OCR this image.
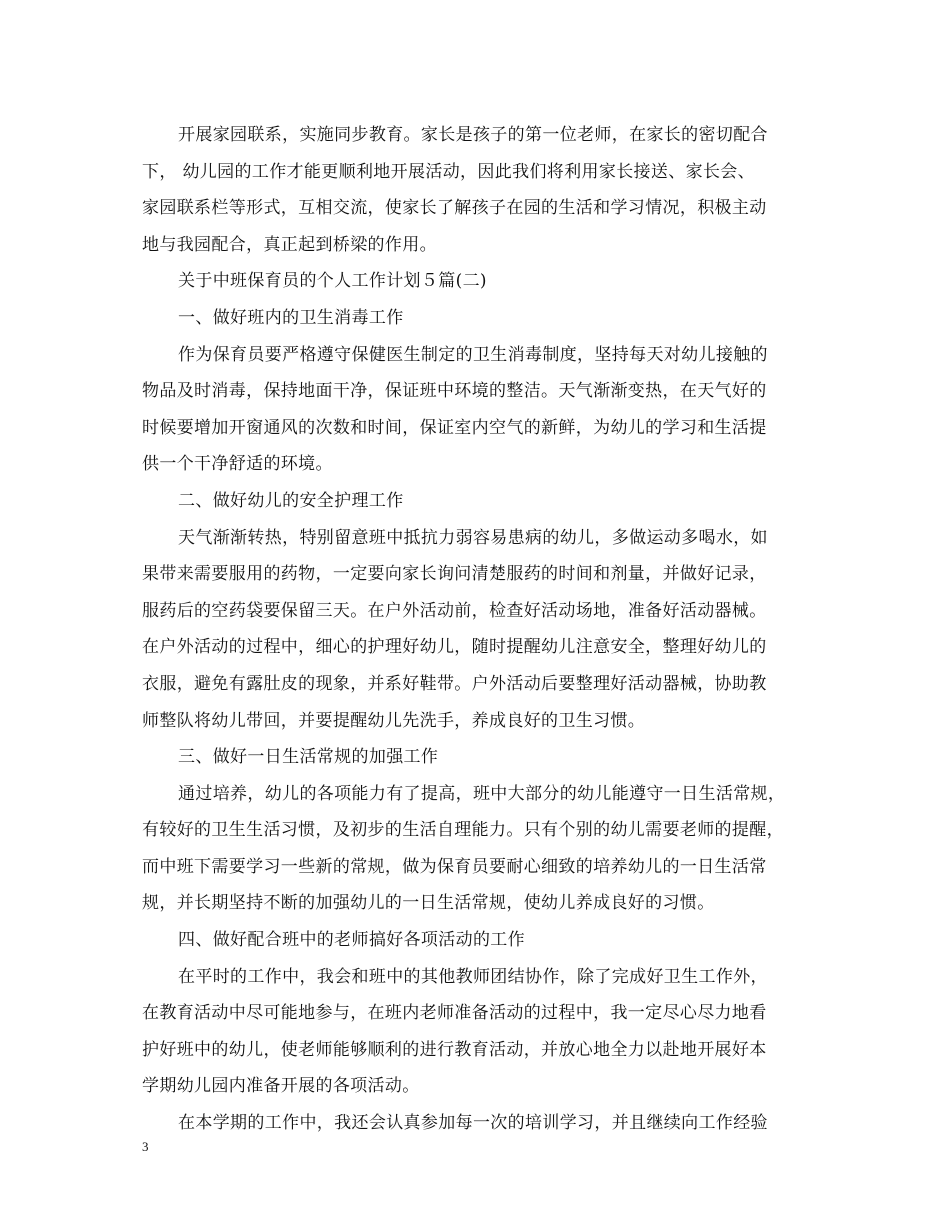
开展家园联系，实施同步教育。家长是孩子的第一位老师，在家长的密切配合
下， 幼儿园的工作才能更顺利地开展活动，因此我们将利用家长接送、家长会、
家园联系栏等形式，互相交流，使家长了解孩子在园的生活和学习情况，积极主动
地与我园配合，真正起到桥梁的作用。
关于中班保育员的个人工作计划５篇(二)
一、做好班内的卫生消毒工作
作为保育员要严格遵守保健医生制定的卫生消毒制度，坚持每天对幼儿接触的
物品及时消毒，保持地面干净，保证班中环境的整洁。天气渐渐变热，在天气好的
时候要增加开窗通风的次数和时间，保证室内空气的新鲜，为幼儿的学习和生活提
供一个干净舒适的环境。
二、做好幼儿的安全护理工作
天气渐渐转热，特别留意班中抵抗力弱容易患病的幼儿，多做运动多喝水，如
果带来需要服用的药物，一定要向家长询问清楚服药的时间和剂量，并做好记录，
服药后的空药袋要保留三天。在户外活动前，检查好活动场地，准备好活动器械。
在户外活动的过程中，细心的护理好幼儿，随时提醒幼儿注意安全，整理好幼儿的
衣服，避免有露肚皮的现象，并系好鞋带。户外活动后要整理好活动器械，协助教
师整队将幼儿带回，并要提醒幼儿先洗手，养成良好的卫生习惯。
三、做好一日生活常规的加强工作
通过培养，幼儿的各项能力有了提高，班中大部分的幼儿能遵守一日生活常规，
有较好的卫生生活习惯，及初步的生活自理能力。只有个别的幼儿需要老师的提醒，
而中班下需要学习一些新的常规，做为保育员要耐心细致的培养幼儿的一日生活常
规，并长期坚持不断的加强幼儿的一日生活常规，使幼儿养成良好的习惯。
四、做好配合班中的老师搞好各项活动的工作
在平时的工作中，我会和班中的其他教师团结协作，除了完成好卫生工作外，
在教育活动中尽可能地参与，在班内老师准备活动的过程中，我一定尽心尽力地看
护好班中的幼儿，使老师能够顺利的进行教育活动，并放心地全力以赴地开展好本
学期幼儿园内准备开展的各项活动。
在本学期的工作中，我还会认真参加每一次的培训学习，并且继续向工作经验
3
